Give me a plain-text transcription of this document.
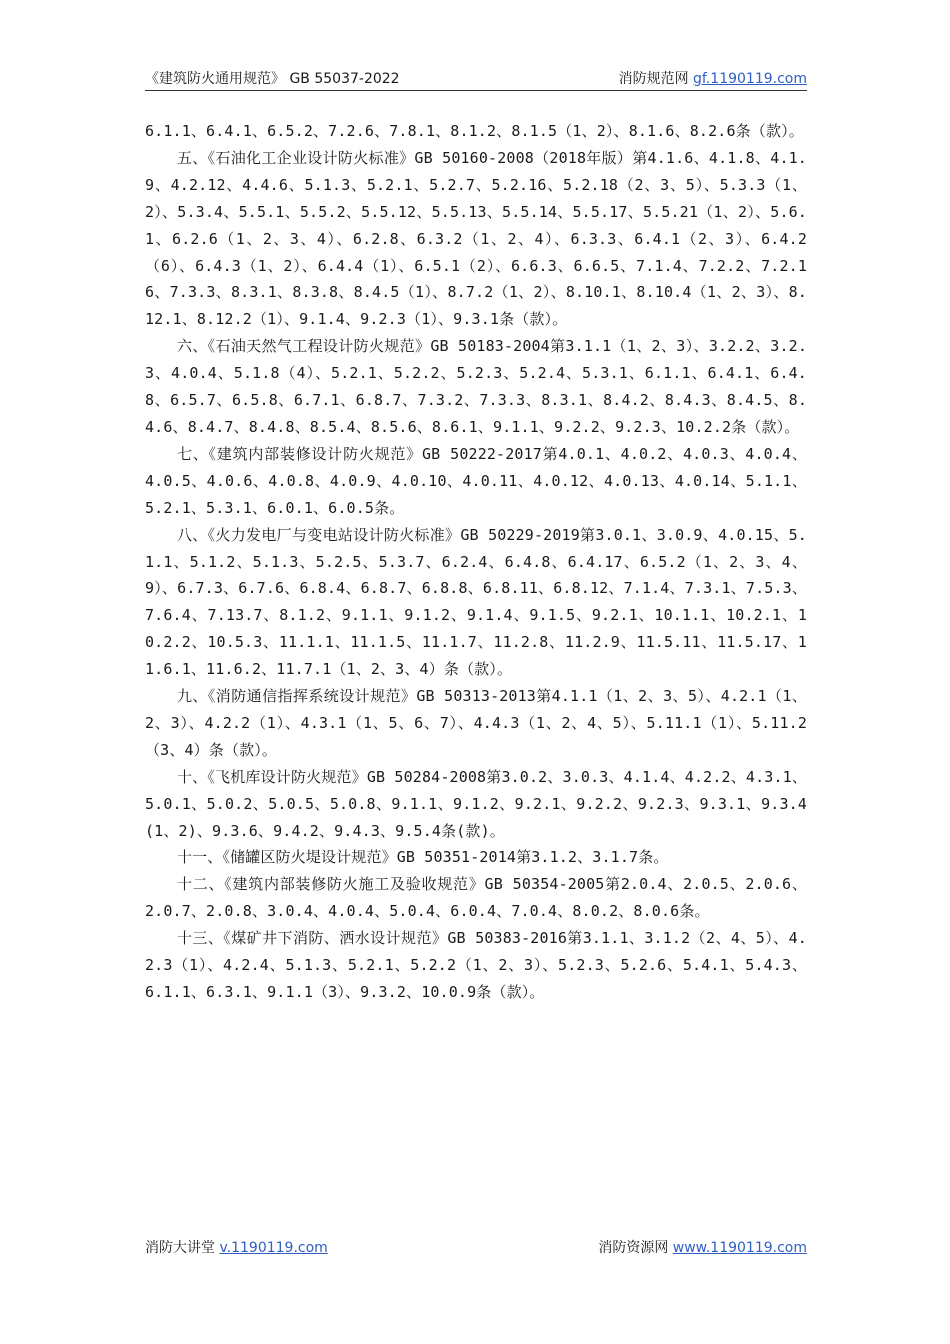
《建筑防火通用规范》 GB 55037-2022	消防规范网 gf.1190119.com

6.1.1、6.4.1、6.5.2、7.2.6、7.8.1、8.1.2、8.1.5（1、2）、8.1.6、8.2.6条（款）。

五、《石油化工企业设计防火标准》GB 50160-2008（2018年版）第4.1.6、4.1.8、4.1.9、4.2.12、4.4.6、5.1.3、5.2.1、5.2.7、5.2.16、5.2.18（2、3、5）、5.3.3（1、2）、5.3.4、5.5.1、5.5.2、5.5.12、5.5.13、5.5.14、5.5.17、5.5.21（1、2）、5.6.1、6.2.6（1、2、3、4）、6.2.8、6.3.2（1、2、4）、6.3.3、6.4.1（2、3）、6.4.2（6）、6.4.3（1、2）、6.4.4（1）、6.5.1（2）、6.6.3、6.6.5、7.1.4、7.2.2、7.2.16、7.3.3、8.3.1、8.3.8、8.4.5（1）、8.7.2（1、2）、8.10.1、8.10.4（1、2、3）、8.12.1、8.12.2（1）、9.1.4、9.2.3（1）、9.3.1条（款）。

六、《石油天然气工程设计防火规范》GB 50183-2004第3.1.1（1、2、3）、3.2.2、3.2.3、4.0.4、5.1.8（4）、5.2.1、5.2.2、5.2.3、5.2.4、5.3.1、6.1.1、6.4.1、6.4.8、6.5.7、6.5.8、6.7.1、6.8.7、7.3.2、7.3.3、8.3.1、8.4.2、8.4.3、8.4.5、8.4.6、8.4.7、8.4.8、8.5.4、8.5.6、8.6.1、9.1.1、9.2.2、9.2.3、10.2.2条（款）。

七、《建筑内部装修设计防火规范》GB 50222-2017第4.0.1、4.0.2、4.0.3、4.0.4、4.0.5、4.0.6、4.0.8、4.0.9、4.0.10、4.0.11、4.0.12、4.0.13、4.0.14、5.1.1、5.2.1、5.3.1、6.0.1、6.0.5条。

八、《火力发电厂与变电站设计防火标准》GB 50229-2019第3.0.1、3.0.9、4.0.15、5.1.1、5.1.2、5.1.3、5.2.5、5.3.7、6.2.4、6.4.8、6.4.17、6.5.2（1、2、3、4、9）、6.7.3、6.7.6、6.8.4、6.8.7、6.8.8、6.8.11、6.8.12、7.1.4、7.3.1、7.5.3、7.6.4、7.13.7、8.1.2、9.1.1、9.1.2、9.1.4、9.1.5、9.2.1、10.1.1、10.2.1、10.2.2、10.5.3、11.1.1、11.1.5、11.1.7、11.2.8、11.2.9、11.5.11、11.5.17、11.6.1、11.6.2、11.7.1（1、2、3、4）条（款）。

九、《消防通信指挥系统设计规范》GB 50313-2013第4.1.1（1、2、3、5）、4.2.1（1、2、3）、4.2.2（1）、4.3.1（1、5、6、7）、4.4.3（1、2、4、5）、5.11.1（1）、5.11.2（3、4）条（款）。

十、《飞机库设计防火规范》GB 50284-2008第3.0.2、3.0.3、4.1.4、4.2.2、4.3.1、5.0.1、5.0.2、5.0.5、5.0.8、9.1.1、9.1.2、9.2.1、9.2.2、9.2.3、9.3.1、9.3.4(1、2)、9.3.6、9.4.2、9.4.3、9.5.4条(款)。

十一、《储罐区防火堤设计规范》GB 50351-2014第3.1.2、3.1.7条。

十二、《建筑内部装修防火施工及验收规范》GB 50354-2005第2.0.4、2.0.5、2.0.6、2.0.7、2.0.8、3.0.4、4.0.4、5.0.4、6.0.4、7.0.4、8.0.2、8.0.6条。

十三、《煤矿井下消防、洒水设计规范》GB 50383-2016第3.1.1、3.1.2（2、4、5）、4.2.3（1）、4.2.4、5.1.3、5.2.1、5.2.2（1、2、3）、5.2.3、5.2.6、5.4.1、5.4.3、6.1.1、6.3.1、9.1.1（3）、9.3.2、10.0.9条（款）。

消防大讲堂 v.1190119.com	消防资源网 www.1190119.com
